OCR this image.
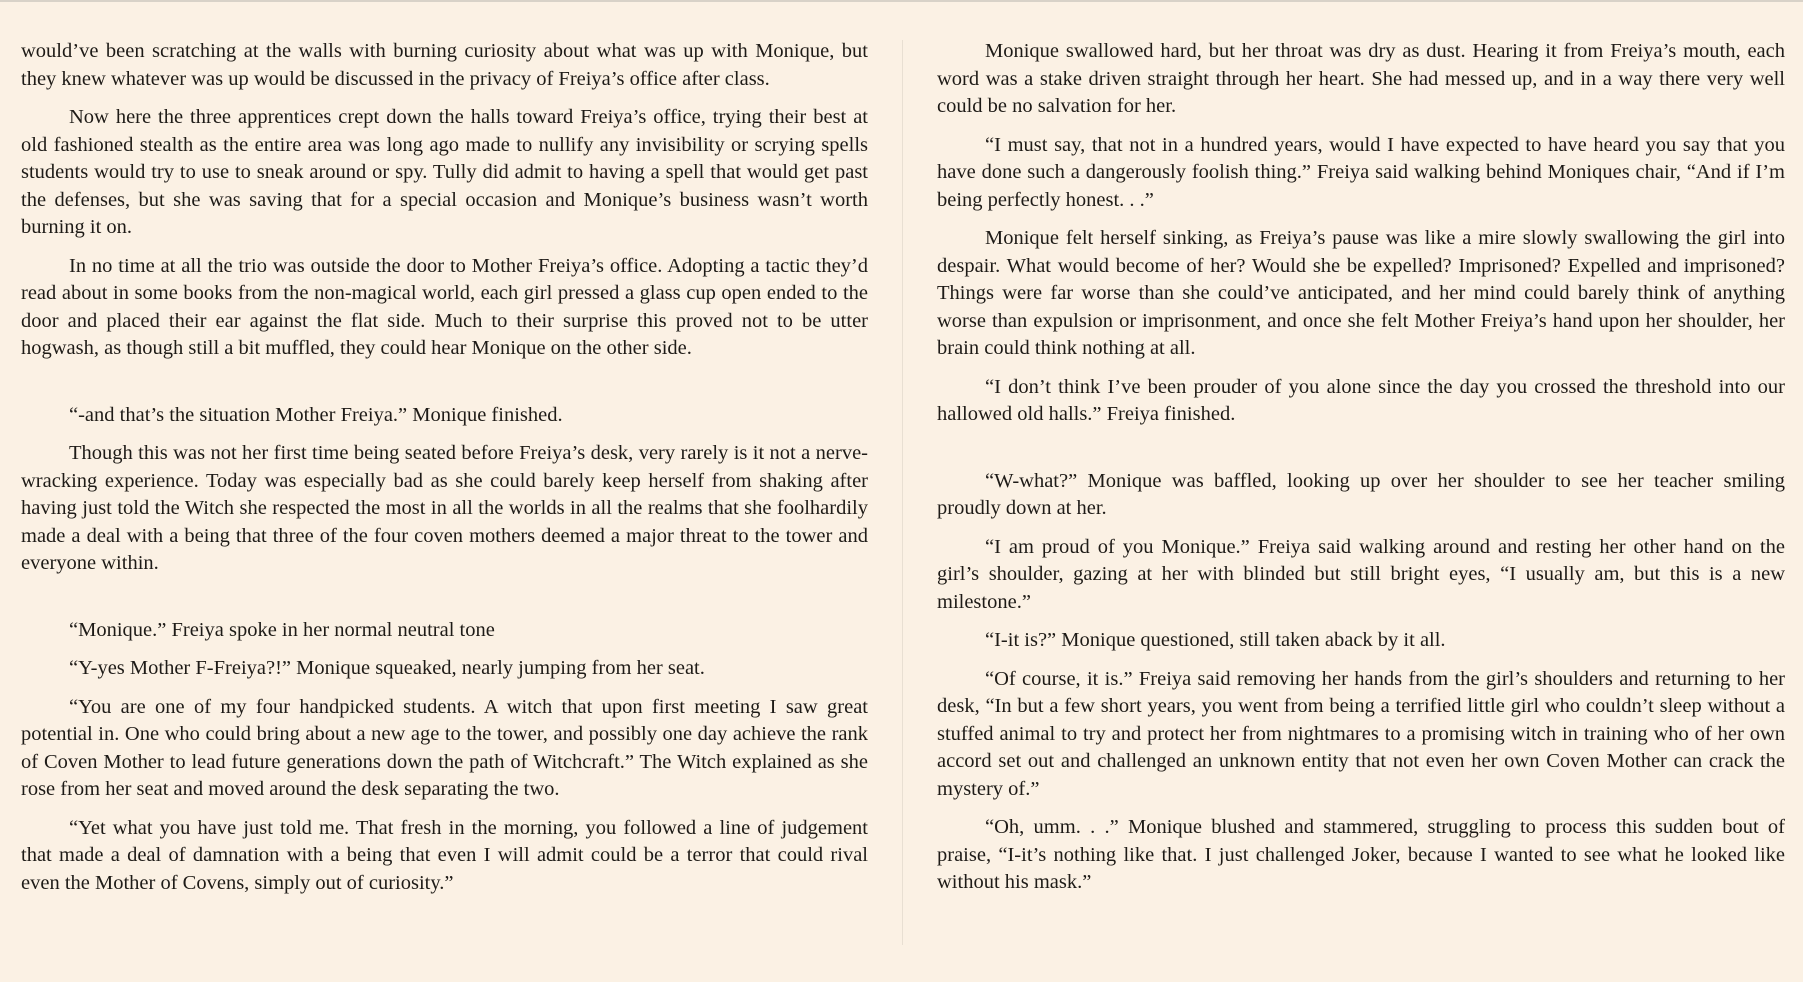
would’ve been scratching at the walls with burning curiosity about what was up with Monique, but they knew whatever was up would be discussed in the privacy of Freiya’s office after class.

Now here the three apprentices crept down the halls toward Freiya’s office, trying their best at old fashioned stealth as the entire area was long ago made to nullify any invisibility or scrying spells students would try to use to sneak around or spy. Tully did admit to having a spell that would get past the defenses, but she was saving that for a special occasion and Monique’s business wasn’t worth burning it on.

In no time at all the trio was outside the door to Mother Freiya’s office. Adopting a tactic they’d read about in some books from the non-magical world, each girl pressed a glass cup open ended to the door and placed their ear against the flat side. Much to their surprise this proved not to be utter hogwash, as though still a bit muffled, they could hear Monique on the other side.

“-and that’s the situation Mother Freiya.” Monique finished.

Though this was not her first time being seated before Freiya’s desk, very rarely is it not a nerve-wracking experience. Today was especially bad as she could barely keep herself from shaking after having just told the Witch she respected the most in all the worlds in all the realms that she foolhardily made a deal with a being that three of the four coven mothers deemed a major threat to the tower and everyone within.

“Monique.” Freiya spoke in her normal neutral tone

“Y-yes Mother F-Freiya?!” Monique squeaked, nearly jumping from her seat.

“You are one of my four handpicked students. A witch that upon first meeting I saw great potential in. One who could bring about a new age to the tower, and possibly one day achieve the rank of Coven Mother to lead future generations down the path of Witchcraft.” The Witch explained as she rose from her seat and moved around the desk separating the two.

“Yet what you have just told me. That fresh in the morning, you followed a line of judgement that made a deal of damnation with a being that even I will admit could be a terror that could rival even the Mother of Covens, simply out of curiosity.”

Monique swallowed hard, but her throat was dry as dust. Hearing it from Freiya’s mouth, each word was a stake driven straight through her heart. She had messed up, and in a way there very well could be no salvation for her.

“I must say, that not in a hundred years, would I have expected to have heard you say that you have done such a dangerously foolish thing.” Freiya said walking behind Moniques chair, “And if I’m being perfectly honest. . .”

Monique felt herself sinking, as Freiya’s pause was like a mire slowly swallowing the girl into despair. What would become of her? Would she be expelled? Imprisoned? Expelled and imprisoned? Things were far worse than she could’ve anticipated, and her mind could barely think of anything worse than expulsion or imprisonment, and once she felt Mother Freiya’s hand upon her shoulder, her brain could think nothing at all.

“I don’t think I’ve been prouder of you alone since the day you crossed the threshold into our hallowed old halls.” Freiya finished.

“W-what?” Monique was baffled, looking up over her shoulder to see her teacher smiling proudly down at her.

“I am proud of you Monique.” Freiya said walking around and resting her other hand on the girl’s shoulder, gazing at her with blinded but still bright eyes, “I usually am, but this is a new milestone.”

“I-it is?” Monique questioned, still taken aback by it all.

“Of course, it is.” Freiya said removing her hands from the girl’s shoulders and returning to her desk, “In but a few short years, you went from being a terrified little girl who couldn’t sleep without a stuffed animal to try and protect her from nightmares to a promising witch in training who of her own accord set out and challenged an unknown entity that not even her own Coven Mother can crack the mystery of.”

“Oh, umm. . .” Monique blushed and stammered, struggling to process this sudden bout of praise, “I-it’s nothing like that. I just challenged Joker, because I wanted to see what he looked like without his mask.”
